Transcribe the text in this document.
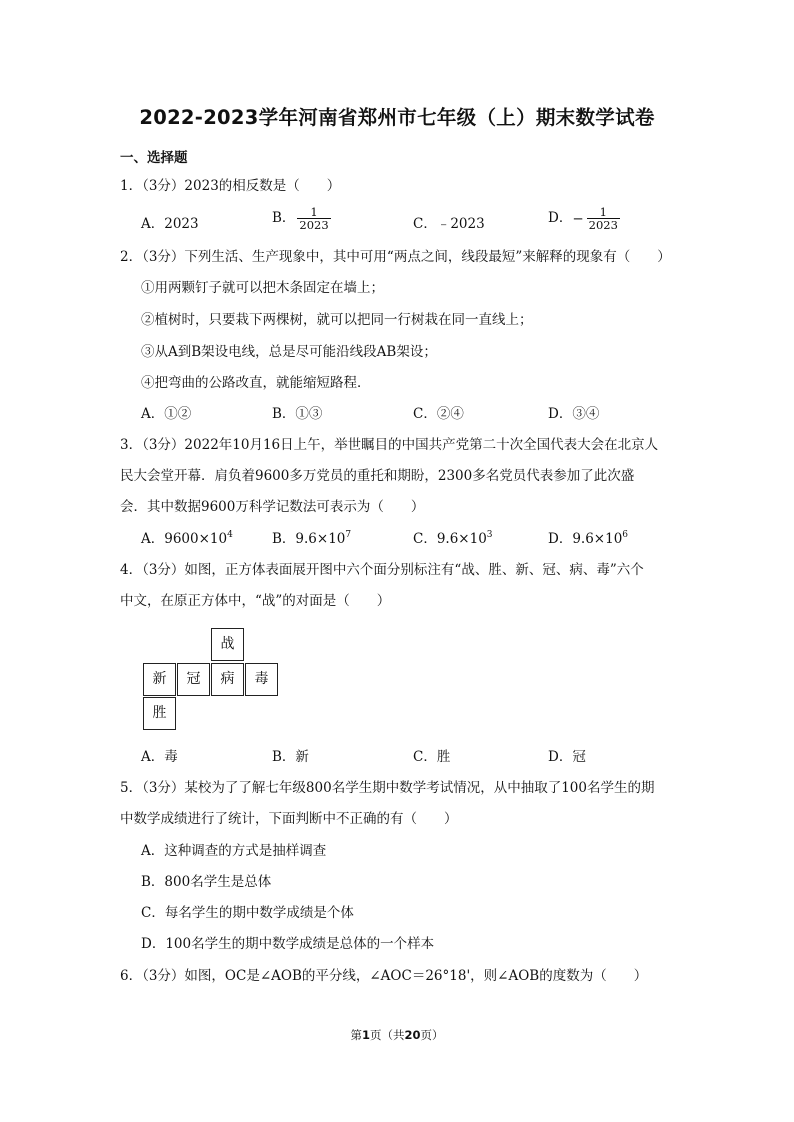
2022-2023学年河南省郑州市七年级（上）期末数学试卷
一、选择题
1．（3分）2023的相反数是（　　）
A．2023	B． $\frac{1}{2023}$	C．﹣2023	D．− $\frac{1}{2023}$
2．（3分）下列生活、生产现象中，其中可用“两点之间，线段最短”来解释的现象有（　　）
①用两颗钉子就可以把木条固定在墙上；
②植树时，只要栽下两棵树，就可以把同一行树栽在同一直线上；
③从A到B架设电线，总是尽可能沿线段AB架设；
④把弯曲的公路改直，就能缩短路程．
A．①②	B．①③	C．②④	D．③④
3．（3分）2022年10月16日上午，举世瞩目的中国共产党第二十次全国代表大会在北京人
民大会堂开幕．肩负着9600多万党员的重托和期盼，2300多名党员代表参加了此次盛
会．其中数据9600万科学记数法可表示为（　　）
A．$9600\times 10^4$	B．$9.6\times 10^7$	C．$9.6\times 10^3$	D．$9.6\times 10^6$
4．（3分）如图，正方体表面展开图中六个面分别标注有“战、胜、新、冠、病、毒”六个
中文，在原正方体中，“战”的对面是（　　）
战
新	冠	病	毒
胜
A．毒	B．新	C．胜	D．冠
5．（3分）某校为了了解七年级800名学生期中数学考试情况，从中抽取了100名学生的期
中数学成绩进行了统计，下面判断中不正确的有（　　）
A．这种调查的方式是抽样调查
B．800名学生是总体
C．每名学生的期中数学成绩是个体
D．100名学生的期中数学成绩是总体的一个样本
6．（3分）如图，OC是∠AOB的平分线，∠AOC＝26°18'，则∠AOB的度数为（　　）
第1页（共20页）
